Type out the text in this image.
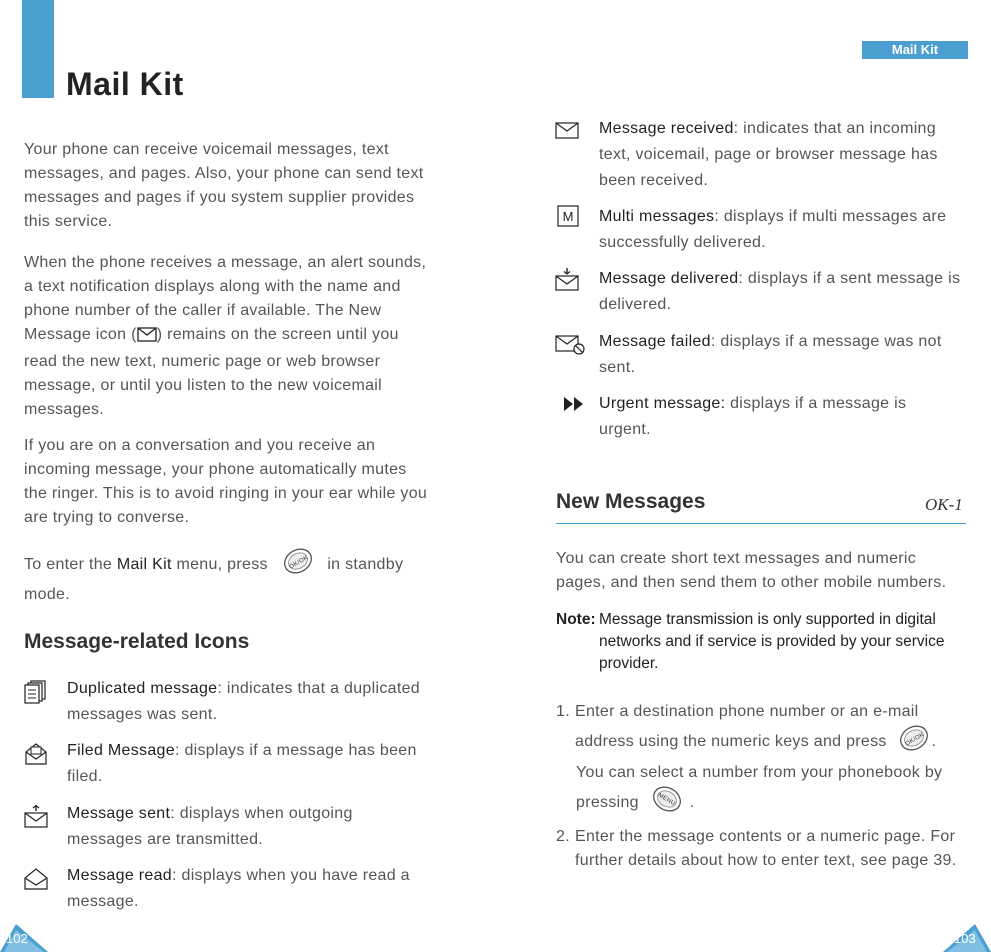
Mail Kit
Mail Kit
Your phone can receive voicemail messages, text messages, and pages. Also, your phone can send text messages and pages if you system supplier provides this service.
When the phone receives a message, an alert sounds, a text notification displays along with the name and phone number of the caller if available. The New Message icon ( ) remains on the screen until you read the new text, numeric page or web browser message, or until you listen to the new voicemail messages.
If you are on a conversation and you receive an incoming message, your phone automatically mutes the ringer. This is to avoid ringing in your ear while you are trying to converse.
To enter the Mail Kit menu, press	OK/OK in standby mode.
Message-related Icons
Duplicated message: indicates that a duplicated messages was sent.
Filed Message: displays if a message has been filed.
Message sent: displays when outgoing messages are transmitted.
Message read: displays when you have read a message.
Message received: indicates that an incoming text, voicemail, page or browser message has been received.
M Multi messages: displays if multi messages are successfully delivered.
Message delivered: displays if a sent message is delivered.
Message failed: displays if a message was not sent.
Urgent message: displays if a message is urgent.
New Messages	OK-1
You can create short text messages and numeric pages, and then send them to other mobile numbers.
Note: Message transmission is only supported in digital networks and if service is provided by your service provider.
1. Enter a destination phone number or an e-mail address using the numeric keys and press	OK/OK .
You can select a number from your phonebook by pressing	MENU .
2. Enter the message contents or a numeric page. For further details about how to enter text, see page 39.
102	103
